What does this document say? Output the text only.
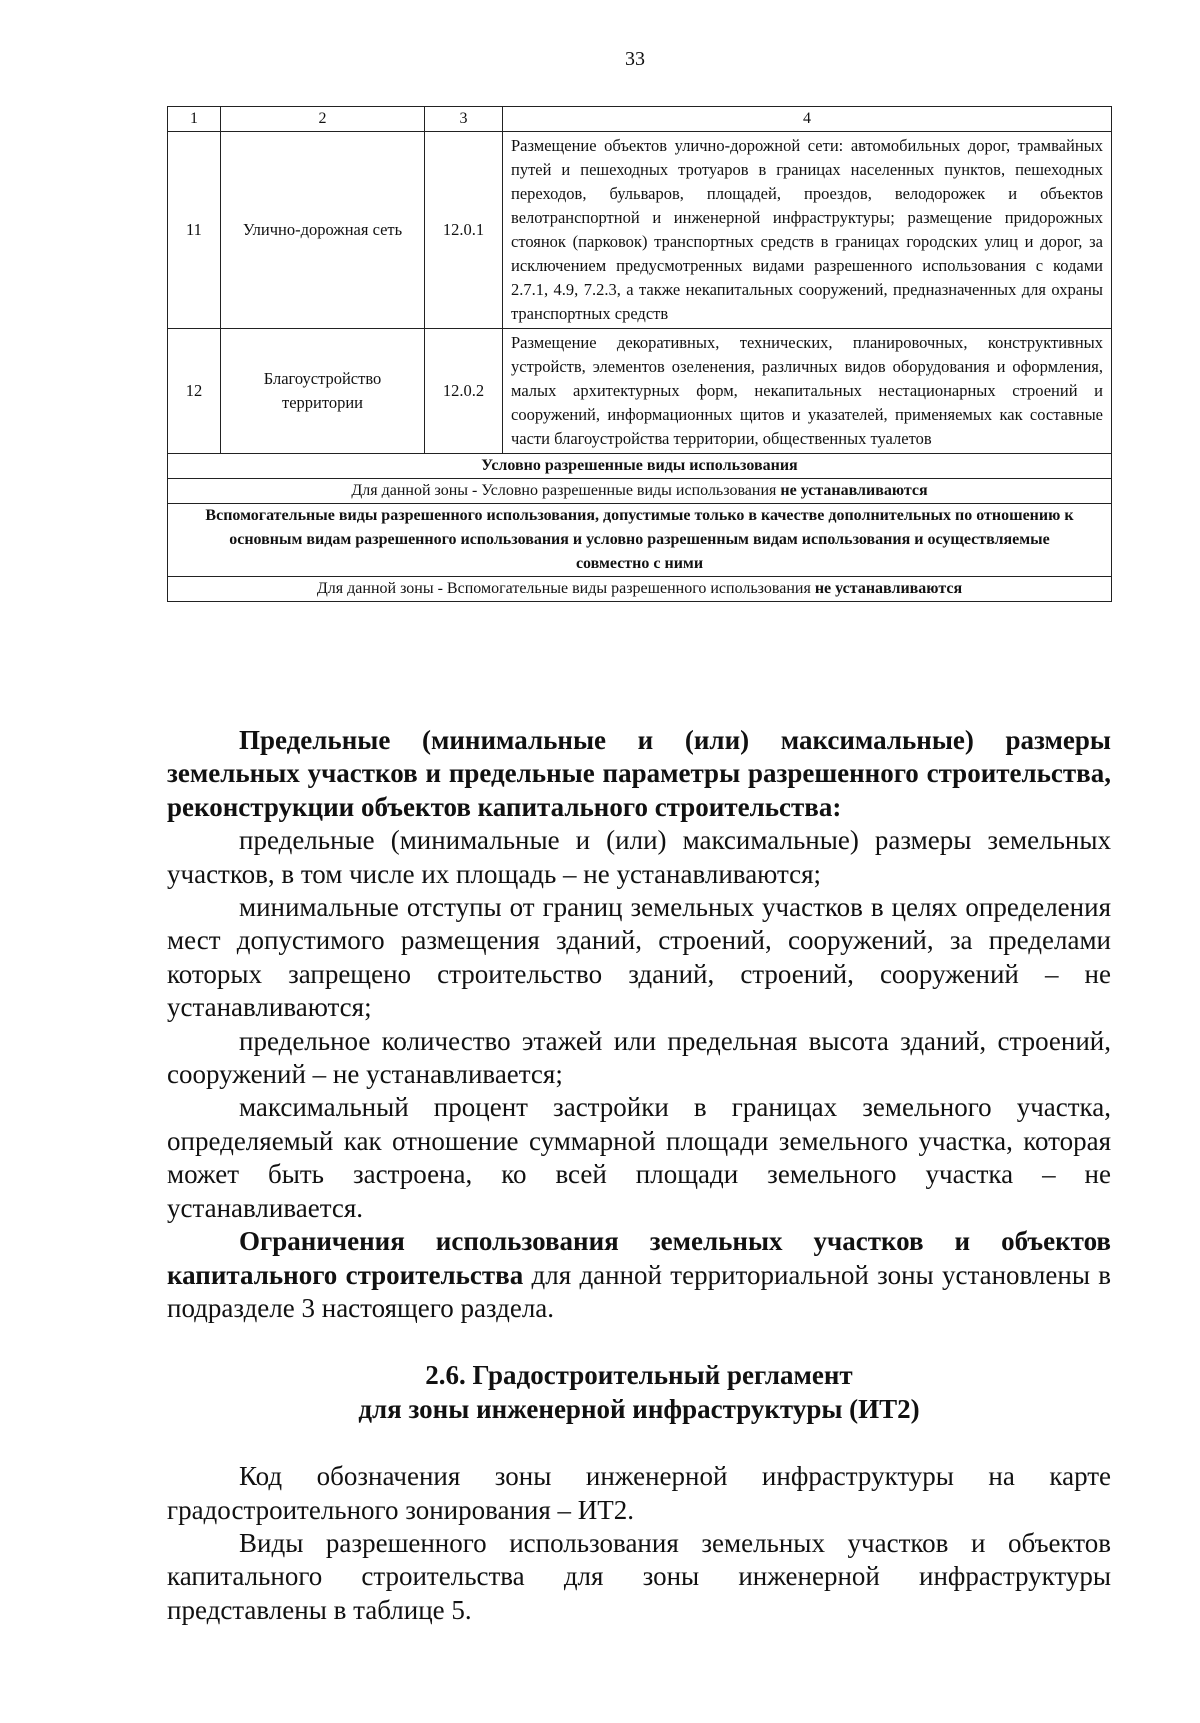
33
1	2	3	4
11	Улично-дорожная сеть	12.0.1	Размещение объектов улично-дорожной сети: автомобильных дорог, трамвайных путей и пешеходных тротуаров в границах населенных пунктов, пешеходных переходов, бульваров, площадей, проездов, велодорожек и объектов велотранспортной и инженерной инфраструктуры; размещение придорожных стоянок (парковок) транспортных средств в границах городских улиц и дорог, за исключением предусмотренных видами разрешенного использования с кодами 2.7.1, 4.9, 7.2.3, а также некапитальных сооружений, предназначенных для охраны транспортных средств
12	Благоустройство территории	12.0.2	Размещение декоративных, технических, планировочных, конструктивных устройств, элементов озеленения, различных видов оборудования и оформления, малых архитектурных форм, некапитальных нестационарных строений и сооружений, информационных щитов и указателей, применяемых как составные части благоустройства территории, общественных туалетов
Условно разрешенные виды использования			
Для данной зоны - Условно разрешенные виды использования не устанавливаются			
Вспомогательные виды разрешенного использования, допустимые только в качестве дополнительных по отношению к основным видам разрешенного использования и условно разрешенным видам использования и осуществляемые совместно с ними			
Для данной зоны - Вспомогательные виды разрешенного использования не устанавливаются			

Предельные (минимальные и (или) максимальные) размеры земельных участков и предельные параметры разрешенного строительства, реконструкции объектов капитального строительства:

предельные (минимальные и (или) максимальные) размеры земельных участков, в том числе их площадь – не устанавливаются;

минимальные отступы от границ земельных участков в целях определения мест допустимого размещения зданий, строений, сооружений, за пределами которых запрещено строительство зданий, строений, сооружений – не устанавливаются;

предельное количество этажей или предельная высота зданий, строений, сооружений – не устанавливается;

максимальный процент застройки в границах земельного участка, определяемый как отношение суммарной площади земельного участка, которая может быть застроена, ко всей площади земельного участка – не устанавливается.

Ограничения использования земельных участков и объектов капитального строительства для данной территориальной зоны установлены в подразделе 3 настоящего раздела.

2.6. Градостроительный регламент

для зоны инженерной инфраструктуры (ИТ2)

Код обозначения зоны инженерной инфраструктуры на карте градостроительного зонирования – ИТ2.

Виды разрешенного использования земельных участков и объектов капитального строительства для зоны инженерной инфраструктуры представлены в таблице 5.
